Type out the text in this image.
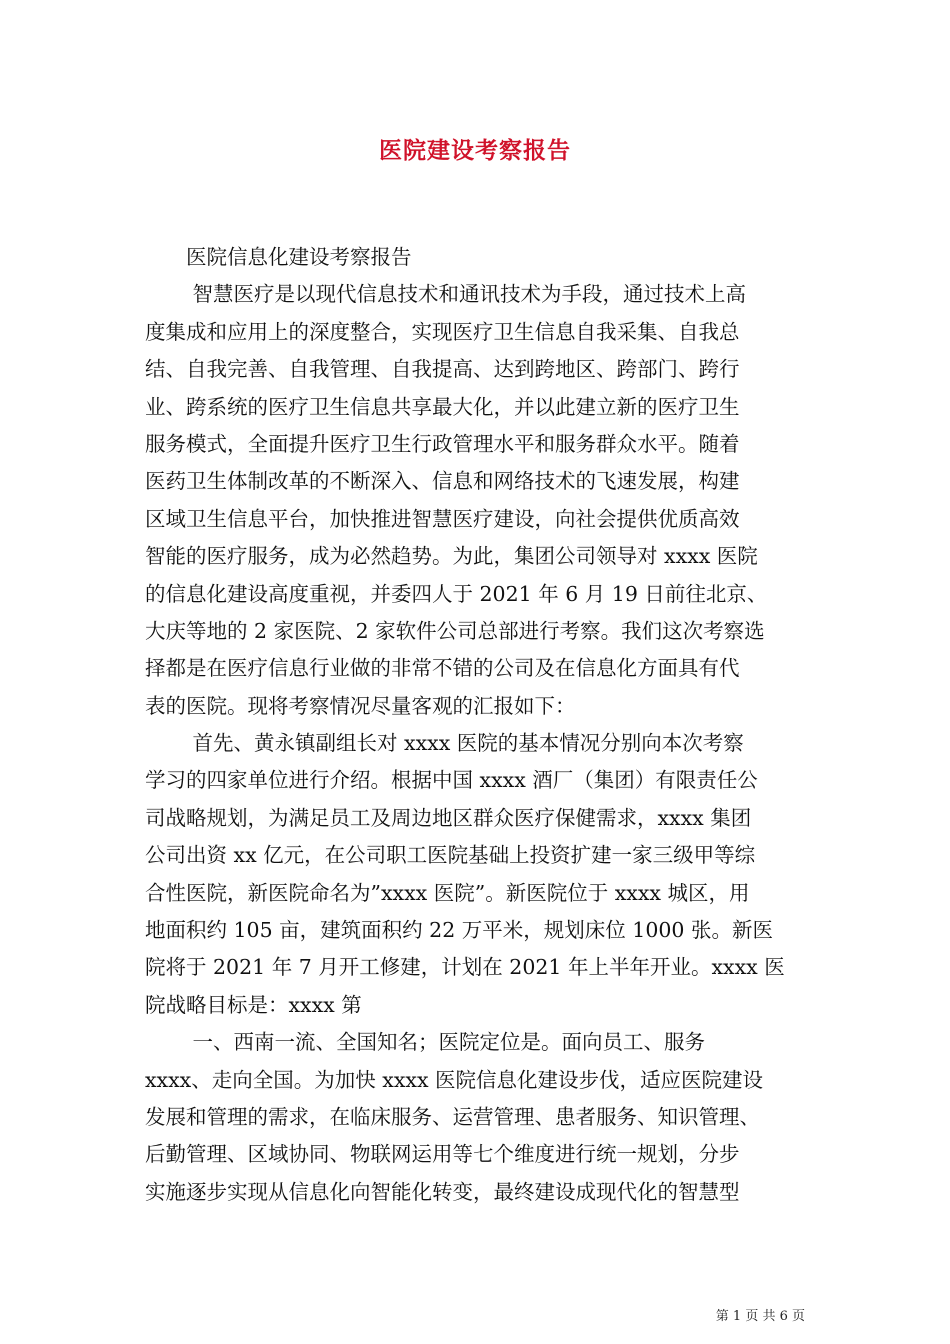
医院建设考察报告
　　医院信息化建设考察报告
　　 智慧医疗是以现代信息技术和通讯技术为手段，通过技术上高
度集成和应用上的深度整合，实现医疗卫生信息自我采集、自我总
结、自我完善、自我管理、自我提高、达到跨地区、跨部门、跨行
业、跨系统的医疗卫生信息共享最大化，并以此建立新的医疗卫生
服务模式，全面提升医疗卫生行政管理水平和服务群众水平。随着
医药卫生体制改革的不断深入、信息和网络技术的飞速发展，构建
区域卫生信息平台，加快推进智慧医疗建设，向社会提供优质高效
智能的医疗服务，成为必然趋势。为此，集团公司领导对 xxxx 医院
的信息化建设高度重视，并委四人于 2021 年 6 月 19 日前往北京、
大庆等地的 2 家医院、2 家软件公司总部进行考察。我们这次考察选
择都是在医疗信息行业做的非常不错的公司及在信息化方面具有代
表的医院。现将考察情况尽量客观的汇报如下：
　　 首先、黄永镇副组长对 xxxx 医院的基本情况分别向本次考察
学习的四家单位进行介绍。根据中国 xxxx 酒厂（集团）有限责任公
司战略规划，为满足员工及周边地区群众医疗保健需求，xxxx 集团
公司出资 xx 亿元，在公司职工医院基础上投资扩建一家三级甲等综
合性医院，新医院命名为”xxxx 医院”。新医院位于 xxxx 城区，用
地面积约 105 亩，建筑面积约 22 万平米，规划床位 1000 张。新医
院将于 2021 年 7 月开工修建，计划在 2021 年上半年开业。xxxx 医
院战略目标是：xxxx 第
　　 一、西南一流、全国知名；医院定位是。面向员工、服务
xxxx、走向全国。为加快 xxxx 医院信息化建设步伐，适应医院建设
发展和管理的需求，在临床服务、运营管理、患者服务、知识管理、
后勤管理、区域协同、物联网运用等七个维度进行统一规划，分步
实施逐步实现从信息化向智能化转变，最终建设成现代化的智慧型
第 1 页 共 6 页
